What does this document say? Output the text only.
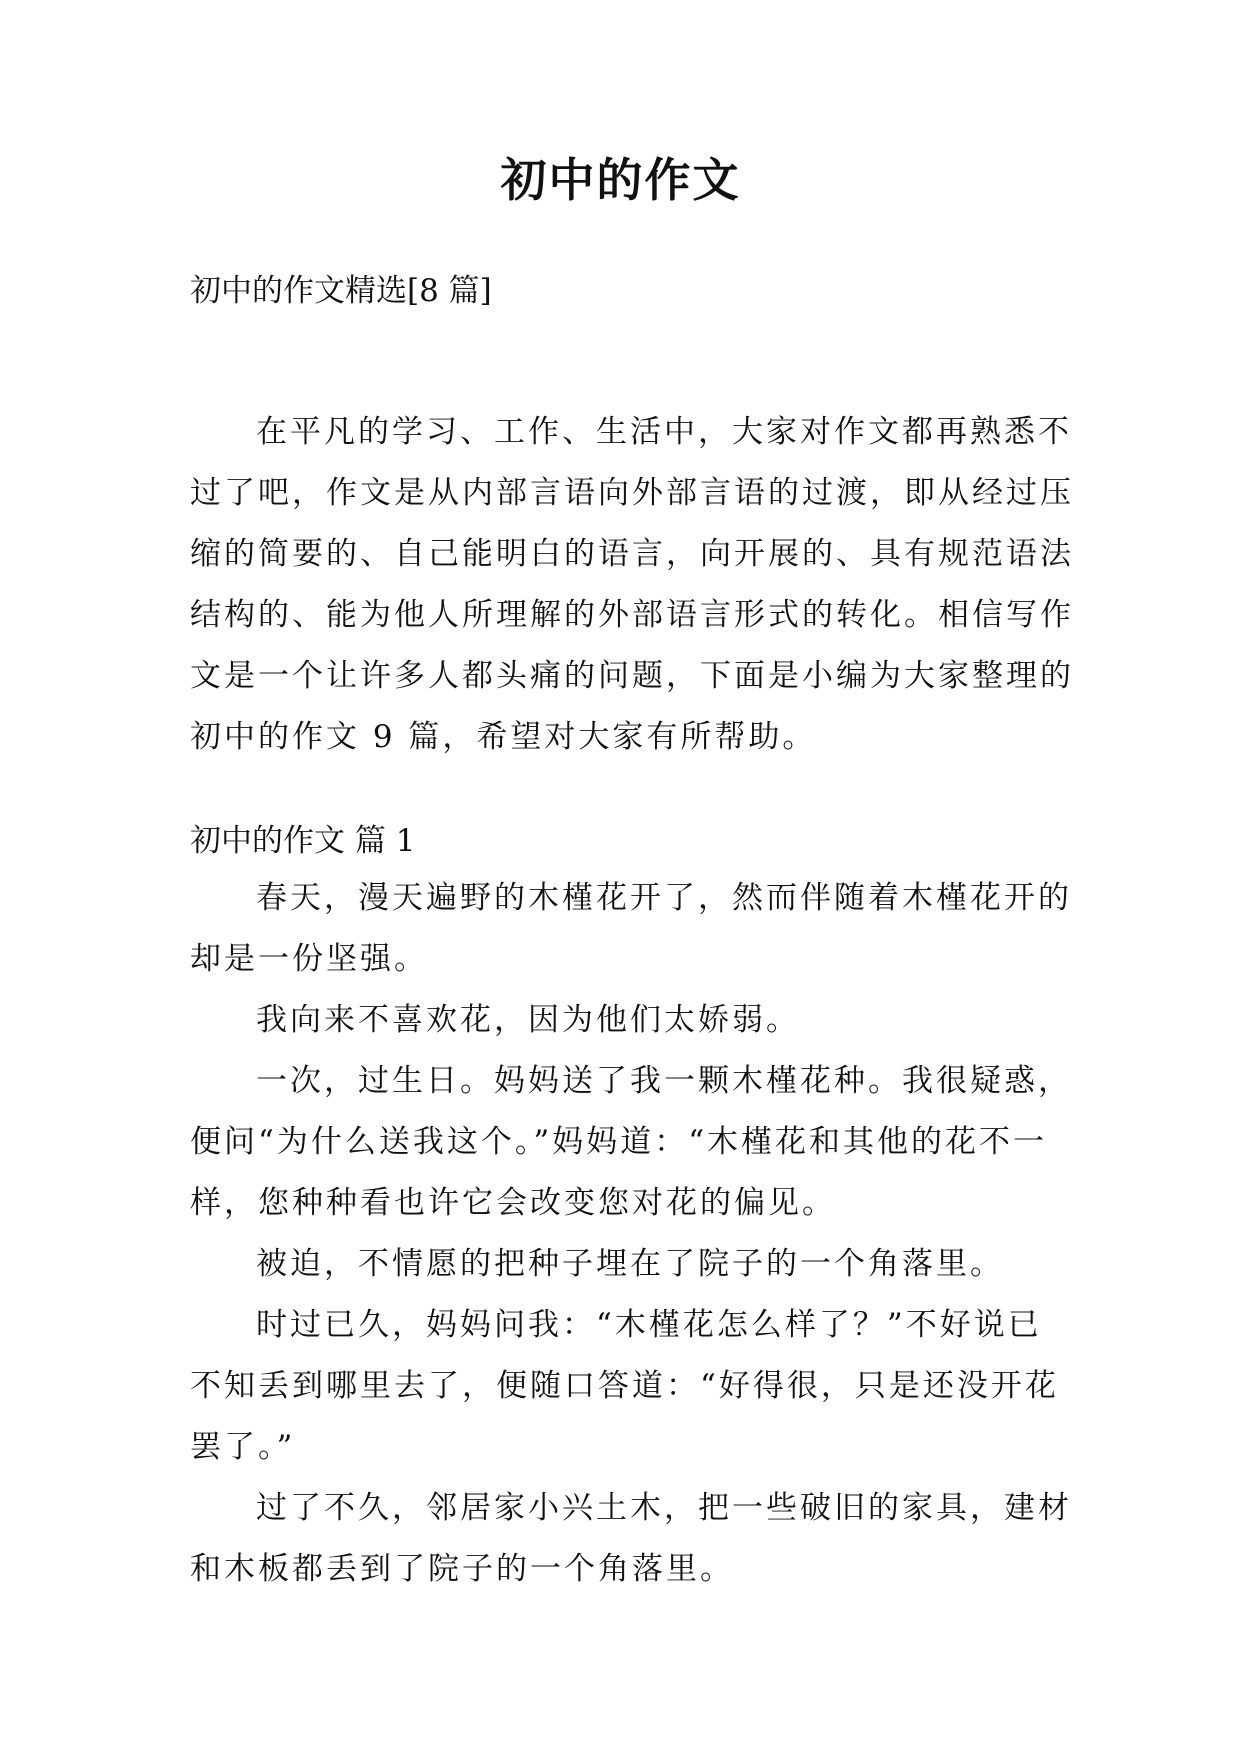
初中的作文

初中的作文精选[8 篇]

在平凡的学习、工作、生活中，大家对作文都再熟悉不
过了吧，作文是从内部言语向外部言语的过渡，即从经过压
缩的简要的、自己能明白的语言，向开展的、具有规范语法
结构的、能为他人所理解的外部语言形式的转化。相信写作
文是一个让许多人都头痛的问题，下面是小编为大家整理的
初中的作文 9 篇，希望对大家有所帮助。

初中的作文 篇 1

春天，漫天遍野的木槿花开了，然而伴随着木槿花开的
却是一份坚强。
我向来不喜欢花，因为他们太娇弱。
一次，过生日。妈妈送了我一颗木槿花种。我很疑惑，
便问“为什么送我这个。”妈妈道：“木槿花和其他的花不一
样，您种种看也许它会改变您对花的偏见。
被迫，不情愿的把种子埋在了院子的一个角落里。
时过已久，妈妈问我：“木槿花怎么样了？”不好说已
不知丢到哪里去了，便随口答道：“好得很，只是还没开花
罢了。”
过了不久，邻居家小兴土木，把一些破旧的家具，建材
和木板都丢到了院子的一个角落里。
